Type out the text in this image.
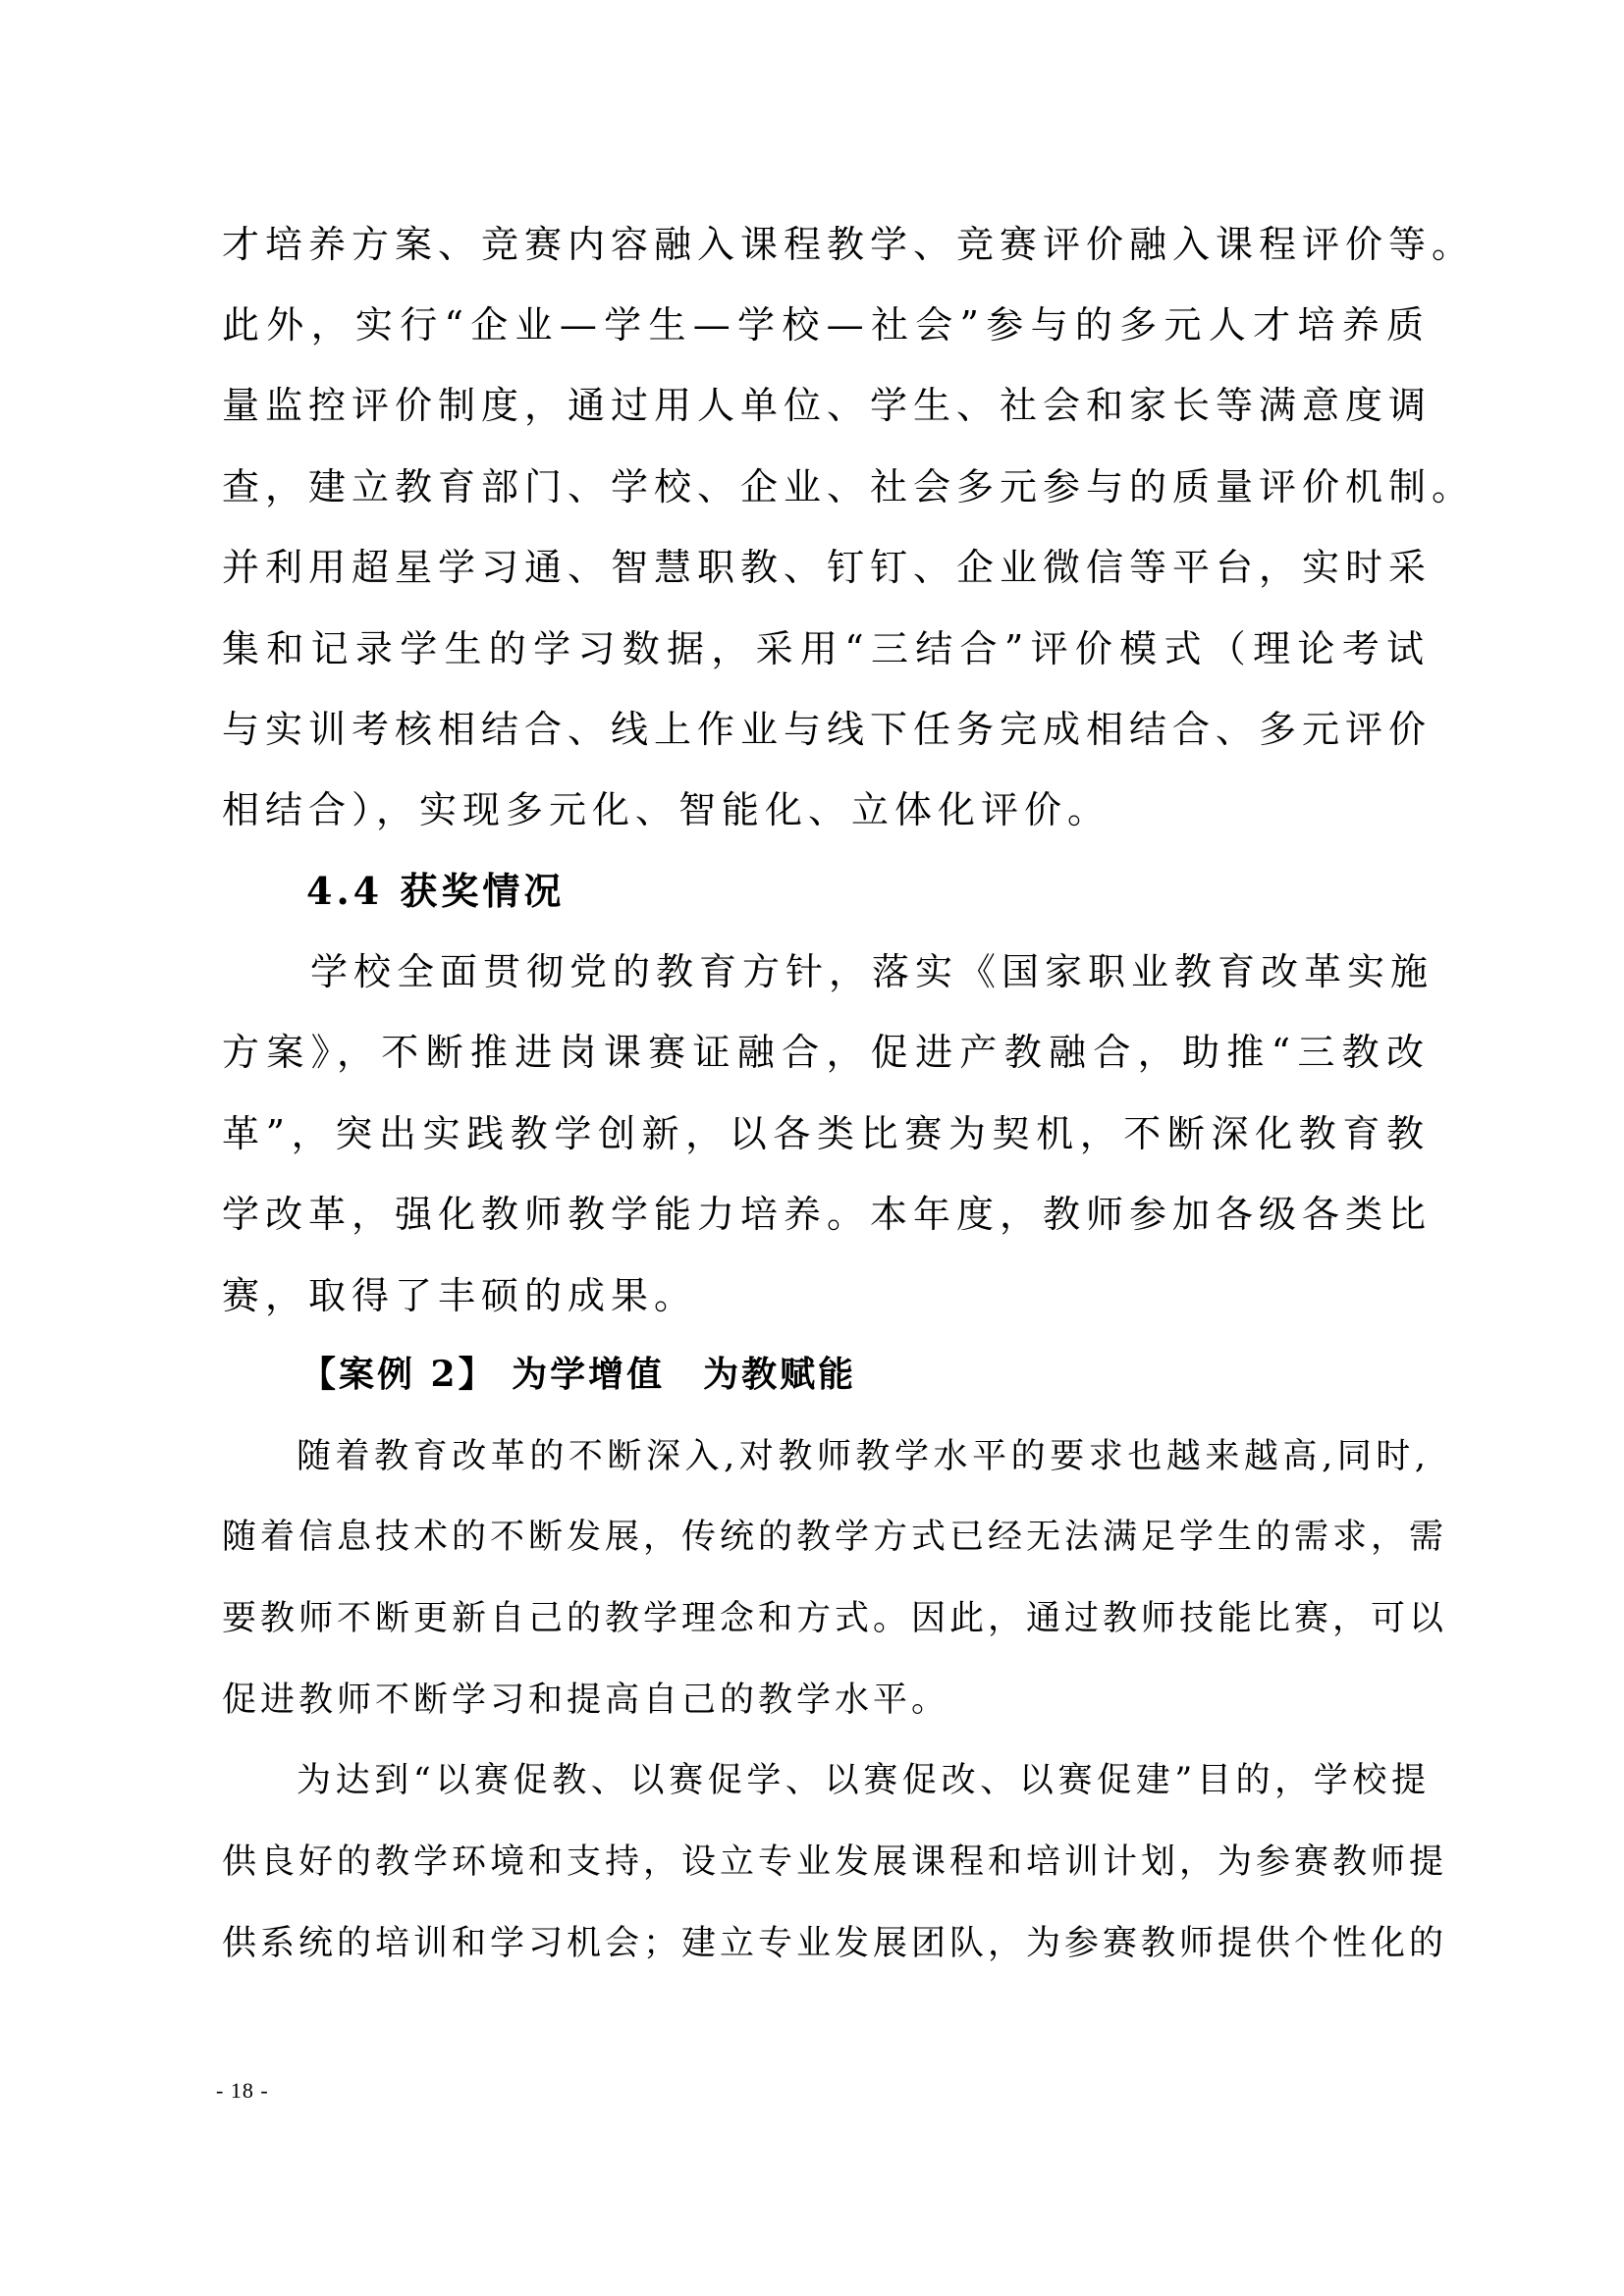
才培养方案、竞赛内容融入课程教学、竞赛评价融入课程评价等。
此外，实行“企业—学生—学校—社会”参与的多元人才培养质
量监控评价制度，通过用人单位、学生、社会和家长等满意度调
查，建立教育部门、学校、企业、社会多元参与的质量评价机制。
并利用超星学习通、智慧职教、钉钉、企业微信等平台，实时采
集和记录学生的学习数据，采用“三结合”评价模式（理论考试
与实训考核相结合、线上作业与线下任务完成相结合、多元评价
相结合），实现多元化、智能化、立体化评价。
4.4 获奖情况
学校全面贯彻党的教育方针，落实《国家职业教育改革实施
方案》，不断推进岗课赛证融合，促进产教融合，助推“三教改
革”，突出实践教学创新，以各类比赛为契机，不断深化教育教
学改革，强化教师教学能力培养。本年度，教师参加各级各类比
赛，取得了丰硕的成果。
【案例 2】 为学增值　为教赋能
随着教育改革的不断深入,对教师教学水平的要求也越来越高,同时,
随着信息技术的不断发展，传统的教学方式已经无法满足学生的需求，需
要教师不断更新自己的教学理念和方式。因此，通过教师技能比赛，可以
促进教师不断学习和提高自己的教学水平。
为达到“以赛促教、以赛促学、以赛促改、以赛促建”目的，学校提
供良好的教学环境和支持，设立专业发展课程和培训计划，为参赛教师提
供系统的培训和学习机会；建立专业发展团队，为参赛教师提供个性化的
- 18 -
